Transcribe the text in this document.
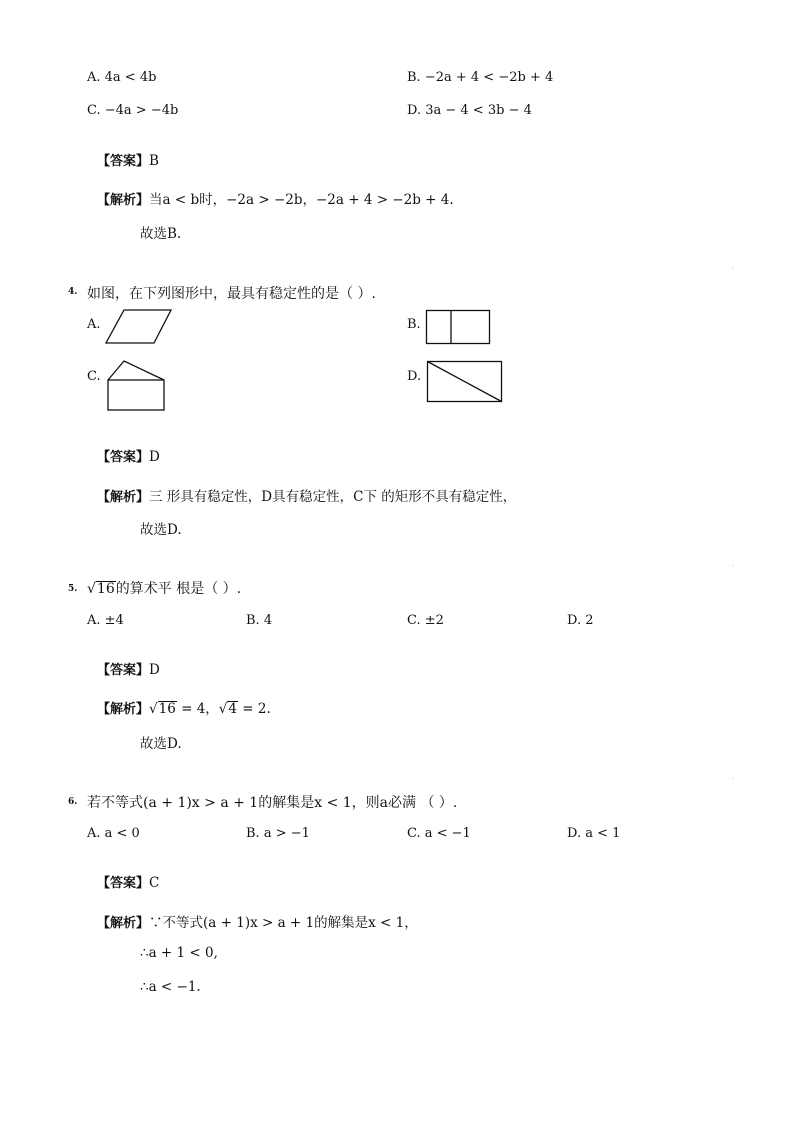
A. 4a < 4b	B. −2a + 4 < −2b + 4
C. −4a > −4b	D. 3a − 4 < 3b − 4
【答案】B
【解析】当a < b时，−2a > −2b，−2a + 4 > −2b + 4.
故选B.
4. 如图，在下列图形中，最具有稳定性的是（ ）.
A.	B.
C.	D.
【答案】D
【解析】三 形具有稳定性，D具有稳定性，C下 的矩形不具有稳定性，
故选D.
5. √16的算术平 根是（ ）.
A. ±4	B. 4	C. ±2	D. 2
【答案】D
【解析】√16 = 4，√4 = 2.
故选D.
6. 若不等式(a + 1)x > a + 1的解集是x < 1，则a必满 （ ）.
A. a < 0	B. a > −1	C. a < −1	D. a < 1
【答案】C
【解析】∵不等式(a + 1)x > a + 1的解集是x < 1，
∴a + 1 < 0,
∴a < −1.
